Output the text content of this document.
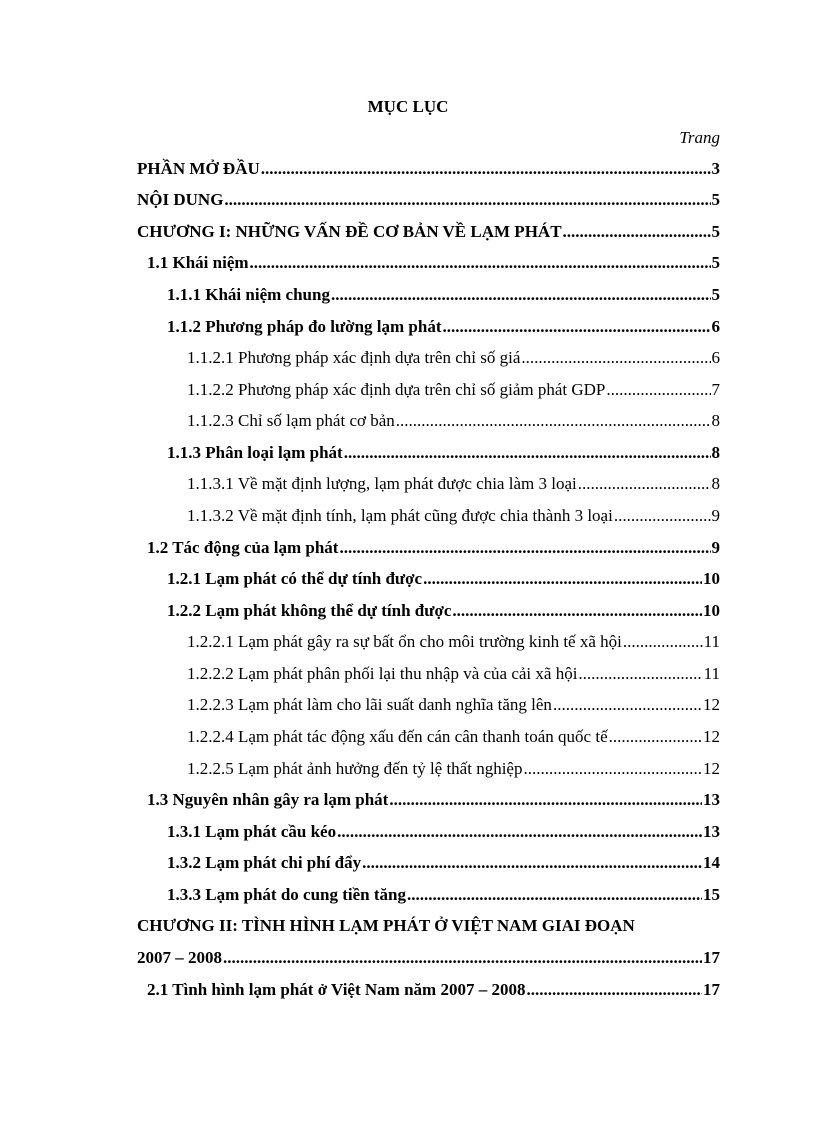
MỤC LỤC
Trang
PHẦN MỞ ĐẦU .....	3
NỘI DUNG .....	5
CHƯƠNG I: NHỮNG VẤN ĐỀ CƠ BẢN VỀ LẠM PHÁT .....	5
1.1 Khái niệm .....	5
1.1.1 Khái niệm chung .....	5
1.1.2 Phương pháp đo lường lạm phát .....	6
1.1.2.1 Phương pháp xác định dựa trên chỉ số giá .....	6
1.1.2.2 Phương pháp xác định dựa trên chỉ số giảm phát GDP .....	7
1.1.2.3 Chỉ số lạm phát cơ bản .....	8
1.1.3 Phân loại lạm phát .....	8
1.1.3.1 Về mặt định lượng, lạm phát được chia làm 3 loại .....	8
1.1.3.2 Về mặt định tính, lạm phát cũng được chia thành 3 loại .....	9
1.2 Tác động của lạm phát .....	9
1.2.1 Lạm phát có thể dự tính được .....	10
1.2.2 Lạm phát không thể dự tính được .....	10
1.2.2.1 Lạm phát gây ra sự bất ổn cho môi trường kinh tế xã hội .....	11
1.2.2.2 Lạm phát phân phối lại thu nhập và của cải xã hội .....	11
1.2.2.3 Lạm phát làm cho lãi suất danh nghĩa tăng lên .....	12
1.2.2.4 Lạm phát tác động xấu đến cán cân thanh toán quốc tế .....	12
1.2.2.5 Lạm phát ảnh hưởng đến tỷ lệ thất nghiệp .....	12
1.3 Nguyên nhân gây ra lạm phát .....	13
1.3.1 Lạm phát cầu kéo .....	13
1.3.2 Lạm phát chi phí đẩy .....	14
1.3.3 Lạm phát do cung tiền tăng .....	15
CHƯƠNG II: TÌNH HÌNH LẠM PHÁT Ở VIỆT NAM GIAI ĐOẠN
2007 – 2008 .....	17
2.1 Tình hình lạm phát ở Việt Nam năm 2007 – 2008 .....	17
